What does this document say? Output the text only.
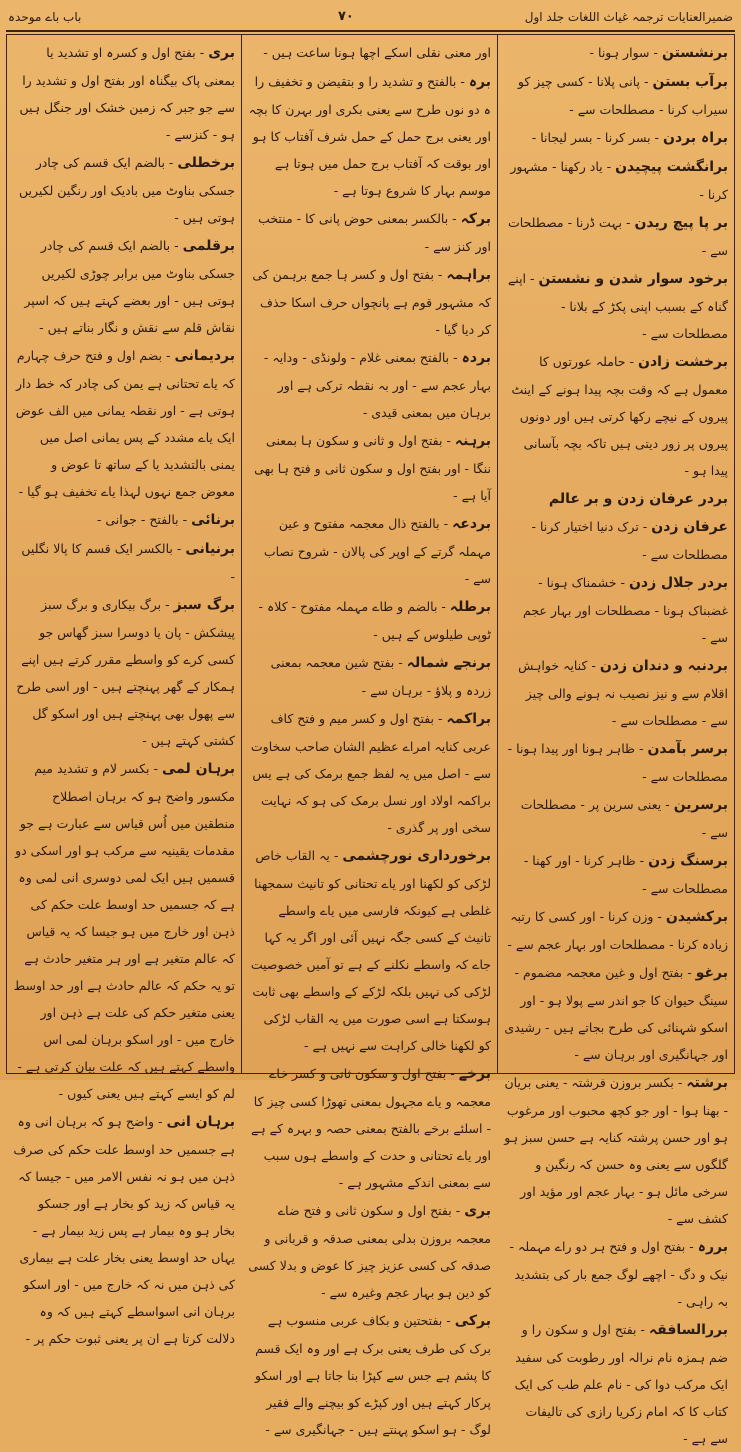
ضمیرالعنایات ترجمہ غیاث اللغات جلد اول
۷۰
باب باے موحدہ
برنشستن - سوار ہونا -
برآب بستن - پانی پلانا - کسی چیز کو سیراب کرنا - مصطلحات سے -
براہ بردن - بسر کرنا - بسر لیجانا -
برانگشت پیچیدن - یاد رکھنا - مشہور کرنا -
بر پا پیچ ریدن - بہت ڈرنا - مصطلحات سے -
برخود سوار شدن و نشستن - اپنے گناہ کے بسبب اپنی پکڑ کے بلانا - مصطلحات سے -
برخشت زادن - حاملہ عورتوں کا معمول ہے کہ وقت بچہ پیدا ہونے کے اینٹ پیروں کے نیچے رکھا کرتی ہیں اور دونوں پیروں پر زور دیتی ہیں تاکہ بچہ بآسانی پیدا ہو -
بردر عرفان زدن و بر عالم عرفان زدن - ترک دنیا اختیار کرنا - مصطلحات سے -
بردر جلال زدن - خشمناک ہونا - غضبناک ہونا - مصطلحات اور بہار عجم سے -
بردنبہ و دندان زدن - کنایہ خواہش اقلام سے و نیز نصیب نہ ہونے والی چیز سے - مصطلحات سے -
برسر بآمدن - ظاہر ہونا اور پیدا ہونا - مصطلحات سے -
برسرین - یعنی سرین پر - مصطلحات سے -
برسنگ زدن - ظاہر کرنا - اور کھنا - مصطلحات سے -
برکشیدن - وزن کرنا - اور کسی کا رتبہ زیادہ کرنا - مصطلحات اور بہار عجم سے -
برغو - بفتح اول و غین معجمہ مضموم - سینگ حیوان کا جو اندر سے پولا ہو - اور اسکو شہنائی کی طرح بجاتے ہیں - رشیدی اور جہانگیری اور برہان سے -
برشتہ - بکسر بروزن فرشتہ - یعنی بریان - بھنا ہوا - اور جو کچھ محبوب اور مرغوب ہو اور حسن پرشتہ کنایہ ہے حسن سبز ہو گلگوں سے یعنی وہ حسن کہ رنگین و سرخی مائل ہو - بہار عجم اور مؤید اور کشف سے -
بررہ - بفتح اول و فتح ہر دو راے مہملہ - نیک و دگ - اچھے لوگ جمع بار کی بتشدید بہ راہی -
بررالسافقہ - بفتح اول و سکون را و ضم ہمزہ نام نرالہ اور رطوبت کی سفید ایک مرکب دوا کی - نام علم طب کی ایک کتاب کا کہ امام زکریا رازی کی تالیفات سے ہے -
اور معنی نقلی اسکے اچھا ہونا ساعت ہیں -
برہ - بالفتح و تشدید را و بتقیضن و تخفیف را ہ دو نوں طرح سے یعنی بکری اور بہرن کا بچہ اور یعنی برج حمل کے حمل شرف آفتاب کا ہو اور بوقت کہ آفتاب برج حمل میں ہوتا ہے موسم بہار کا شروع ہوتا ہے -
برکہ - بالکسر بمعنی حوض پانی کا - منتخب اور کنز سے -
براہمہ - بفتح اول و کسر ہا جمع برہمن کی کہ مشہور قوم ہے پانچواں حرف اسکا حذف کر دیا گیا -
بردہ - بالفتح بمعنی غلام - ولونڈی - ودایہ - بہار عجم سے - اور بہ نقطہ ترکی ہے اور برہان میں بمعنی قیدی -
برہنہ - بفتح اول و ثانی و سکون ہا بمعنی ننگا - اور بفتح اول و سکون ثانی و فتح ہا بھی آیا ہے -
بردعہ - بالفتح ذال معجمہ مفتوح و عین مہملہ گرتے کے اوپر کی پالان - شروح نصاب سے -
برطلہ - بالضم و طاے مہملہ مفتوح - کلاہ - ٹوپی طیلوس کے ہیں -
برنجے شمالہ - بفتح شین معجمہ بمعنی زردہ و پلاؤ - برہان سے -
براکمہ - بفتح اول و کسر میم و فتح کاف عربی کنایہ امراے عظیم الشان صاحب سخاوت سے - اصل میں یہ لفظ جمع برمک کی ہے یس براکمہ اولاد اور نسل برمک کی ہو کہ نہایت سخی اور پر گذری -
برخورداری نورچشمی - یہ القاب خاص لڑکی کو لکھنا اور یاے تحتانی کو تانیث سمجھنا غلطی ہے کیونکہ فارسی میں یاے واسطے تانیث کے کسی جگہ نہیں آئی اور اگر یہ کہا جاے کہ واسطے نکلنے کے ہے تو آمیں خصوصیت لڑکی کی نہیں بلکہ لڑکے کے واسطے بھی ثابت ہوسکتا ہے اسی صورت میں یہ القاب لڑکی کو لکھنا خالی کراہت سے نہیں ہے -
برخے - بفتح اول و سکون ثانی و کسر خاے معجمہ و یاے مجہول بمعنی تھوڑا کسی چیز کا - اسلئے برخے بالفتح بمعنی حصہ و بہرہ کے ہے اور یاے تحتانی و حدت کے واسطے ہوں سبب سے بمعنی اندکے مشہور ہے -
بری - بفتح اول و سکون ثانی و فتح ضاے معجمہ بروزن بدلی بمعنی صدقہ و قربانی و صدقہ کی کسی عزیز چیز کا عوض و بدلا کسی کو دین ہو بہار عجم وغیرہ سے -
برکی - بفتحتین و بکاف عربی منسوب ہے برک کی طرف یعنی برک ہے اور وہ ایک قسم کا پشم ہے جس سے کپڑا بنا جاتا ہے اور اسکو پرکار کہتے ہیں اور کپڑے کو بیچنے والے فقیر لوگ - ہو اسکو پہنتے ہیں - جہانگیری سے -
بری - بفتح اول و کسرہ او تشدید یا بمعنی پاک بیگناہ اور بفتح اول و تشدید را سے جو جبر کہ زمین خشک اور جنگل ہیں ہو - کنزسے -
برخطلی - بالضم ایک قسم کی چادر جسکی بناوٹ میں بادیک اور رنگین لکیریں ہوتی ہیں -
برقلمی - بالضم ایک قسم کی چادر جسکی بناوٹ میں برابر چوڑی لکیریں ہوتی ہیں - اور بعضے کہتے ہیں کہ اسپر نقاش قلم سے نقش و نگار بناتے ہیں -
بردیمانی - بضم اول و فتح حرف چہارم کہ یاے تحتانی ہے یمن کی چادر کہ خط دار ہوتی ہے - اور نقطہ یمانی میں الف عوض ایک یاے مشدد کے پس یمانی اصل میں یمنی بالتشدید یا کے ساتھ تا عوض و معوض جمع نہوں لہذا یاے تخفیف ہو گیا -
برنائی - بالفتح - جوانی -
برنیانی - بالکسر ایک قسم کا پالا نگلیں -
برگ سبز - برگ بیکاری و برگ سبز پیشکش - پان یا دوسرا سبز گھاس جو کسی کرے کو واسطے مقرر کرتے ہیں اپنے ہمکار کے گھر پہنچتے ہیں - اور اسی طرح سے پھول بھی پہنچتے ہیں اور اسکو گل کشتی کہتے ہیں -
برہان لمی - بکسر لام و تشدید میم مکسور واضح ہو کہ برہان اصطلاح منطقین میں اُس قیاس سے عبارت ہے جو مقدمات یقینیہ سے مرکب ہو اور اسکی دو قسمیں ہیں ایک لمی دوسری انی لمی وہ ہے کہ جسمیں حد اوسط علت حکم کی ذہن اور خارج میں ہو جیسا کہ یہ قیاس کہ عالم متغیر ہے اور ہر متغیر حادث ہے تو یہ حکم کہ عالم حادث ہے اور حد اوسط یعنی متغیر حکم کی علت ہے ذہن اور خارج میں - اور اسکو برہان لمی اس واسطے کہتے ہیں کہ علت بیان کرتی ہے - لم کو ایسے کہتے ہیں یعنی کیوں -
برہان انی - واضح ہو کہ برہان انی وہ ہے جسمیں حد اوسط علت حکم کی صرف ذہن میں ہو نہ نفس الامر میں - جیسا کہ یہ قیاس کہ زید کو بخار ہے اور جسکو بخار ہو وہ بیمار ہے پس زید بیمار ہے - یہاں حد اوسط یعنی بخار علت ہے بیماری کی ذہن میں نہ کہ خارج میں - اور اسکو برہان انی اسواسطے کہتے ہیں کہ وہ دلالت کرتا ہے ان پر یعنی ثبوت حکم پر -
